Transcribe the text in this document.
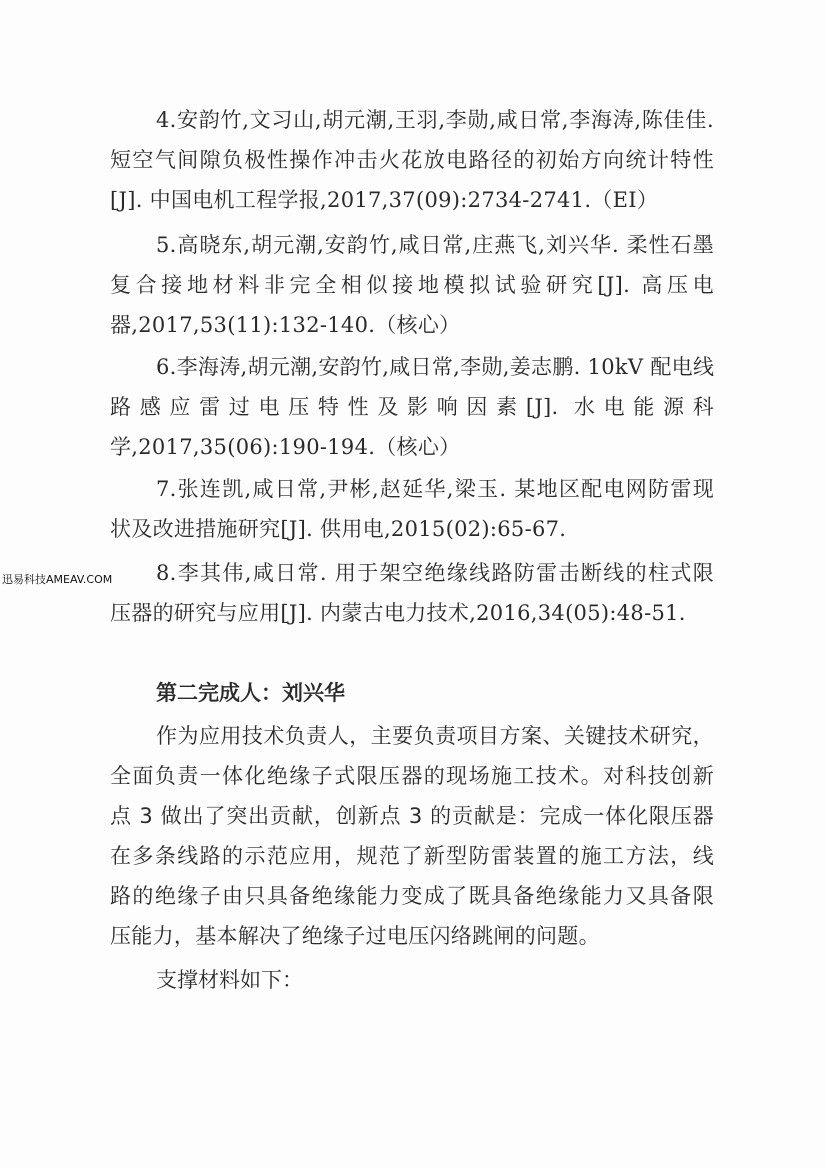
4.安韵竹,文习山,胡元潮,王羽,李勋,咸日常,李海涛,陈佳佳.
短空气间隙负极性操作冲击火花放电路径的初始方向统计特性
[J]. 中国电机工程学报,2017,37(09):2734-2741.（EI）

5.高晓东,胡元潮,安韵竹,咸日常,庄燕飞,刘兴华. 柔性石墨
复合接地材料非完全相似接地模拟试验研究[J]. 高压电
器,2017,53(11):132-140.（核心）

6.李海涛,胡元潮,安韵竹,咸日常,李勋,姜志鹏. 10kV 配电线
路感应雷过电压特性及影响因素[J]. 水电能源科
学,2017,35(06):190-194.（核心）

7.张连凯,咸日常,尹彬,赵延华,梁玉. 某地区配电网防雷现
状及改进措施研究[J]. 供用电,2015(02):65-67.

迅易科技AMEAV.COM	8.李其伟,咸日常. 用于架空绝缘线路防雷击断线的柱式限
压器的研究与应用[J]. 内蒙古电力技术,2016,34(05):48-51.

第二完成人：刘兴华

作为应用技术负责人，主要负责项目方案、关键技术研究，
全面负责一体化绝缘子式限压器的现场施工技术。对科技创新
点 3 做出了突出贡献，创新点 3 的贡献是：完成一体化限压器
在多条线路的示范应用，规范了新型防雷装置的施工方法，线
路的绝缘子由只具备绝缘能力变成了既具备绝缘能力又具备限
压能力，基本解决了绝缘子过电压闪络跳闸的问题。

支撑材料如下：
